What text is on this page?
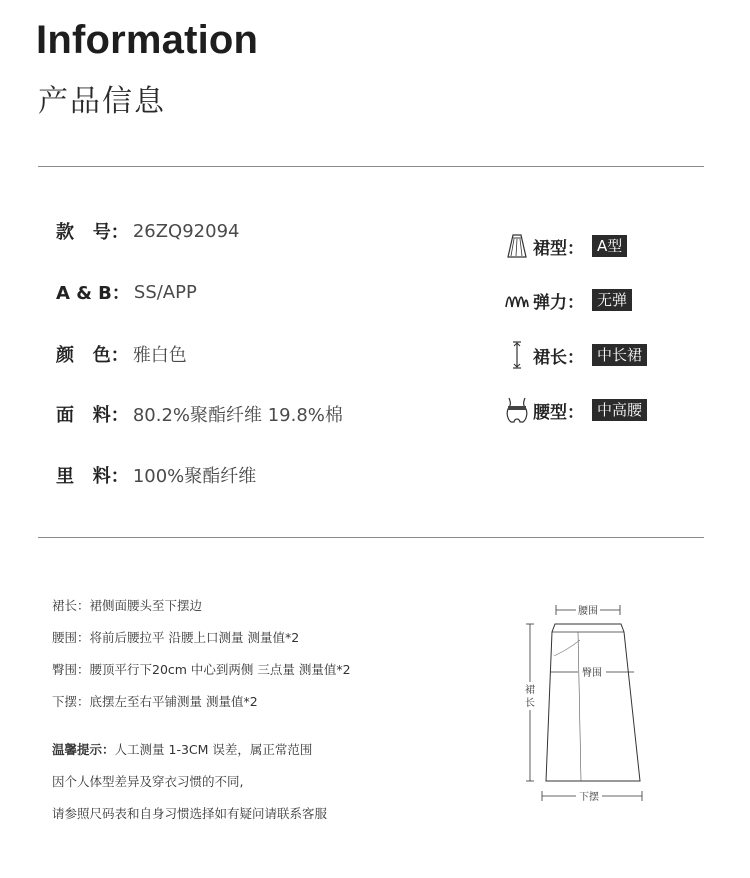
Information
产品信息
款   号： 26ZQ92094
A & B： SS/APP
颜   色： 雅白色
面   料： 80.2%聚酯纤维 19.8%棉
里   料： 100%聚酯纤维
裙型： A型
弹力： 无弹
裙长： 中长裙
腰型： 中高腰
裙长：裙侧面腰头至下摆边
腰围：将前后腰拉平 沿腰上口测量 测量值*2
臀围：腰顶平行下20cm 中心到两侧 三点量 测量值*2
下摆：底摆左至右平铺测量 测量值*2
温馨提示：人工测量 1-3CM 误差，属正常范围
因个人体型差异及穿衣习惯的不同,
请参照尺码表和自身习惯选择如有疑问请联系客服
腰围
臀围
裙
长
下摆
